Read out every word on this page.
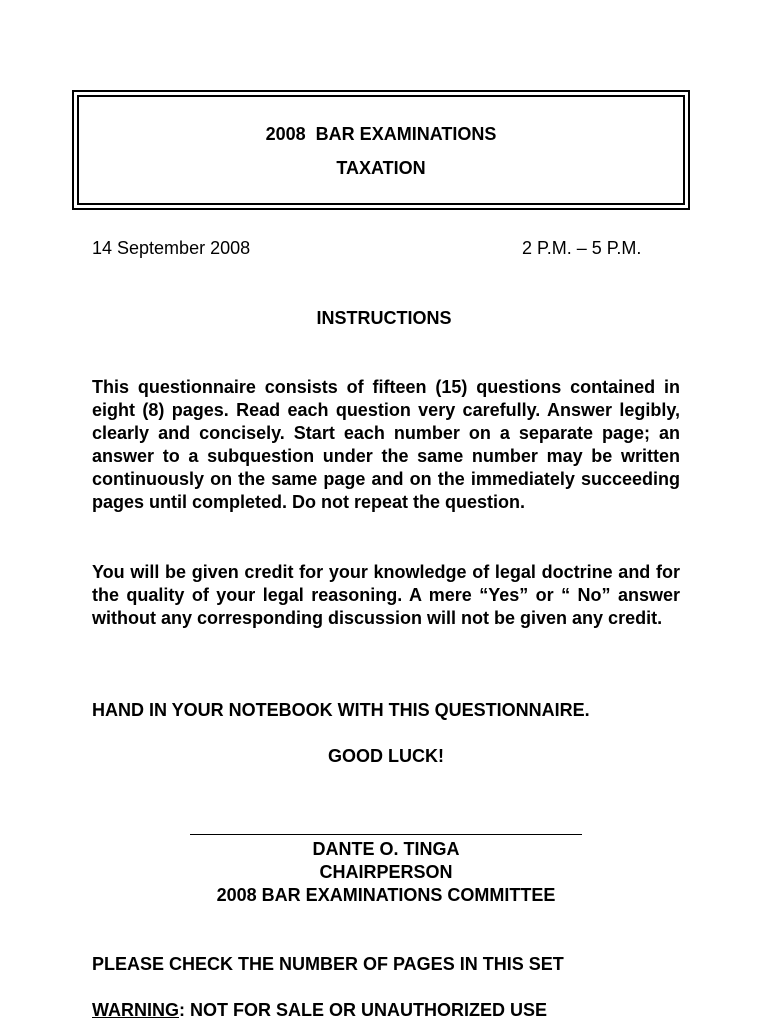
2008  BAR EXAMINATIONS
TAXATION
14 September 2008	2 P.M. – 5 P.M.
INSTRUCTIONS
This questionnaire consists of fifteen (15) questions contained in eight (8) pages. Read each question very carefully. Answer legibly, clearly and concisely. Start each number on a separate page; an answer to a subquestion under the same number may be written continuously on the same page and on the immediately succeeding pages until completed. Do not repeat the question.
You will be given credit for your knowledge of legal doctrine and for the quality of your legal reasoning. A mere “Yes” or “ No” answer without any corresponding discussion will not be given any credit.
HAND IN YOUR NOTEBOOK WITH THIS QUESTIONNAIRE.
GOOD LUCK!
DANTE O. TINGA
CHAIRPERSON
2008 BAR EXAMINATIONS COMMITTEE
PLEASE CHECK THE NUMBER OF PAGES IN THIS SET
WARNING: NOT FOR SALE OR UNAUTHORIZED USE
